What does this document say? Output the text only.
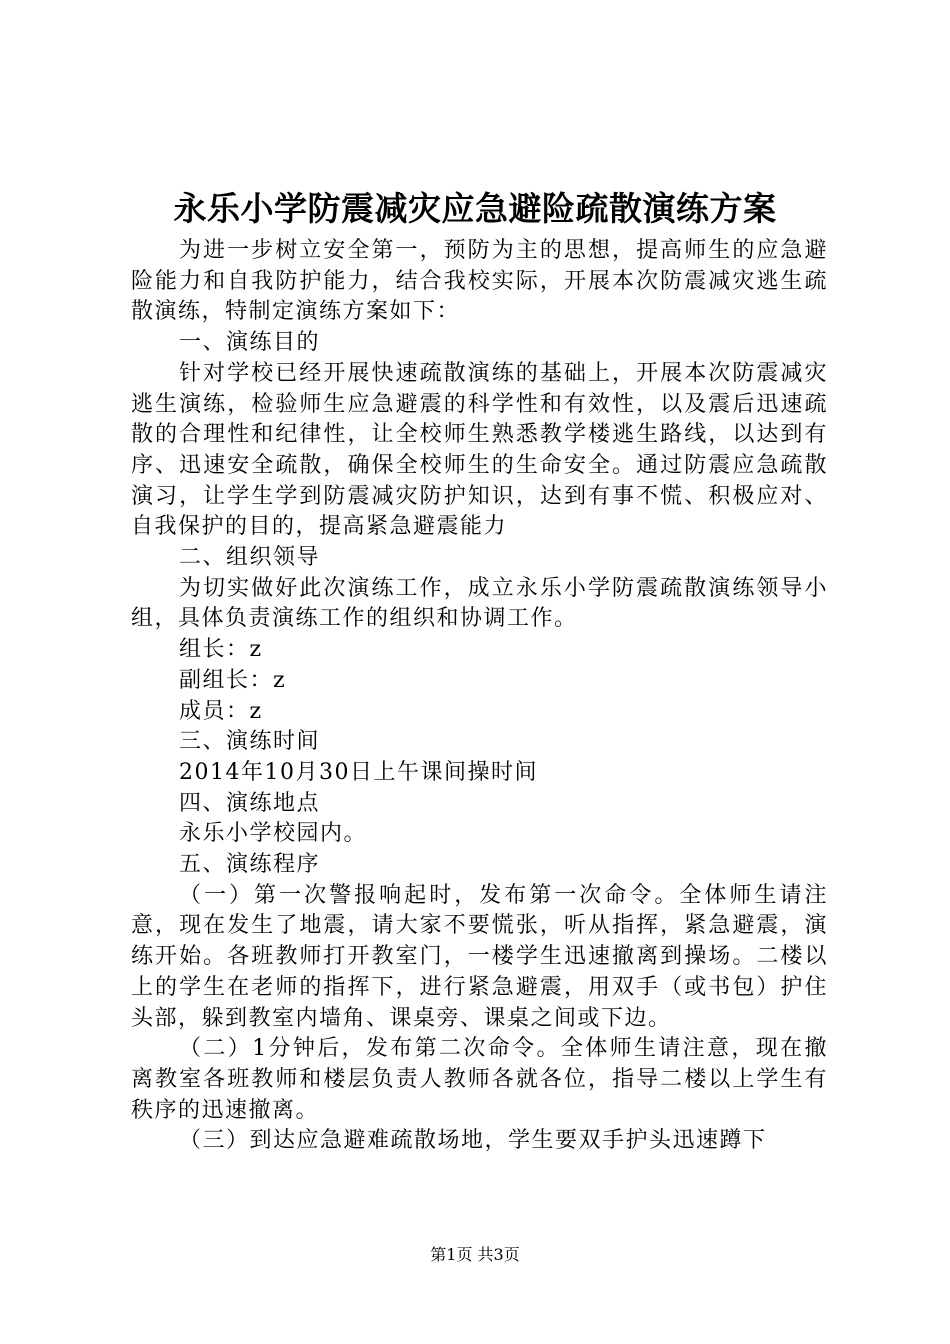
永乐小学防震减灾应急避险疏散演练方案

为进一步树立安全第一，预防为主的思想，提高师生的应急避险能力和自我防护能力，结合我校实际，开展本次防震减灾逃生疏散演练，特制定演练方案如下：

一、演练目的

针对学校已经开展快速疏散演练的基础上，开展本次防震减灾逃生演练，检验师生应急避震的科学性和有效性，以及震后迅速疏散的合理性和纪律性，让全校师生熟悉教学楼逃生路线，以达到有序、迅速安全疏散，确保全校师生的生命安全。通过防震应急疏散演习，让学生学到防震减灾防护知识，达到有事不慌、积极应对、自我保护的目的，提高紧急避震能力

二、组织领导

为切实做好此次演练工作，成立永乐小学防震疏散演练领导小组，具体负责演练工作的组织和协调工作。

组长：z

副组长：z

成员：z

三、演练时间

2014年10月30日上午课间操时间

四、演练地点

永乐小学校园内。

五、演练程序

（一）第一次警报响起时，发布第一次命令。全体师生请注意，现在发生了地震，请大家不要慌张，听从指挥，紧急避震，演练开始。各班教师打开教室门，一楼学生迅速撤离到操场。二楼以上的学生在老师的指挥下，进行紧急避震，用双手（或书包）护住头部，躲到教室内墙角、课桌旁、课桌之间或下边。

（二）1分钟后，发布第二次命令。全体师生请注意，现在撤离教室各班教师和楼层负责人教师各就各位，指导二楼以上学生有秩序的迅速撤离。

（三）到达应急避难疏散场地，学生要双手护头迅速蹲下

第1页 共3页
